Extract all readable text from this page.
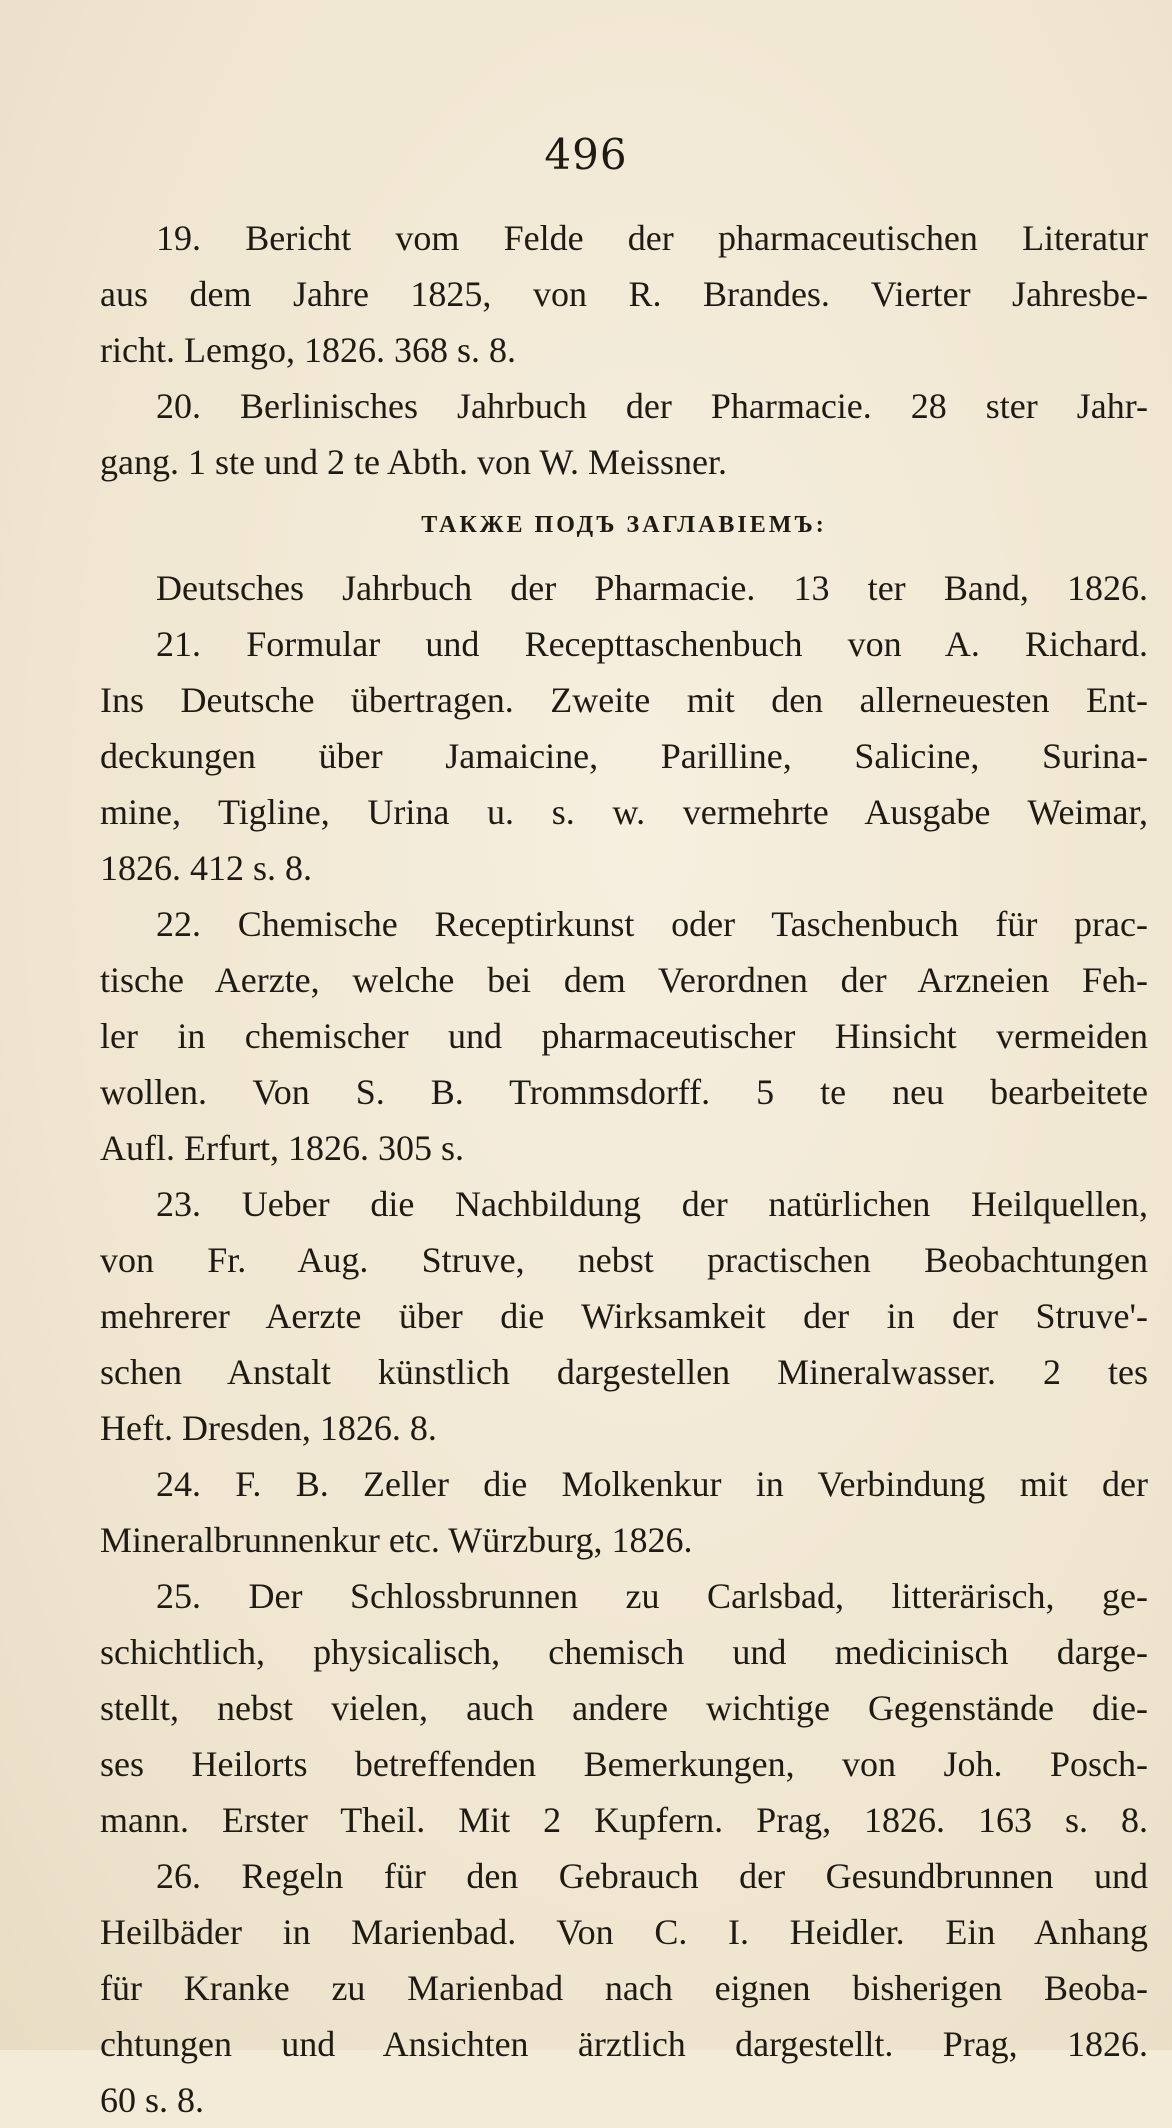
496
19. Bericht vom Felde der pharmaceutischen Literatur
aus dem Jahre 1825, von R. Brandes. Vierter Jahresbe-
richt. Lemgo, 1826. 368 s. 8.
20. Berlinisches Jahrbuch der Pharmacie. 28 ster Jahr-
gang. 1 ste und 2 te Abth. von W. Meissner.
ТАКЖЕ ПОДЪ ЗАГЛАВІЕМЪ:
Deutsches Jahrbuch der Pharmacie. 13 ter Band, 1826.
21. Formular und Recepttaschenbuch von A. Richard.
Ins Deutsche übertragen. Zweite mit den allerneuesten Ent-
deckungen über Jamaicine, Parilline, Salicine, Surina-
mine, Tigline, Urina u. s. w. vermehrte Ausgabe Weimar,
1826. 412 s. 8.
22. Chemische Receptirkunst oder Taschenbuch für prac-
tische Aerzte, welche bei dem Verordnen der Arzneien Feh-
ler in chemischer und pharmaceutischer Hinsicht vermeiden
wollen. Von S. B. Trommsdorff. 5 te neu bearbeitete
Aufl. Erfurt, 1826. 305 s.
23. Ueber die Nachbildung der natürlichen Heilquellen,
von Fr. Aug. Struve, nebst practischen Beobachtungen
mehrerer Aerzte über die Wirksamkeit der in der Struve'-
schen Anstalt künstlich dargestellen Mineralwasser. 2 tes
Heft. Dresden, 1826. 8.
24. F. B. Zeller die Molkenkur in Verbindung mit der
Mineralbrunnenkur etc. Würzburg, 1826.
25. Der Schlossbrunnen zu Carlsbad, litterärisch, ge-
schichtlich, physicalisch, chemisch und medicinisch darge-
stellt, nebst vielen, auch andere wichtige Gegenstände die-
ses Heilorts betreffenden Bemerkungen, von Joh. Posch-
mann. Erster Theil. Mit 2 Kupfern. Prag, 1826. 163 s. 8.
26. Regeln für den Gebrauch der Gesundbrunnen und
Heilbäder in Marienbad. Von C. I. Heidler. Ein Anhang
für Kranke zu Marienbad nach eignen bisherigen Beoba-
chtungen und Ansichten ärztlich dargestellt. Prag, 1826.
60 s. 8.
